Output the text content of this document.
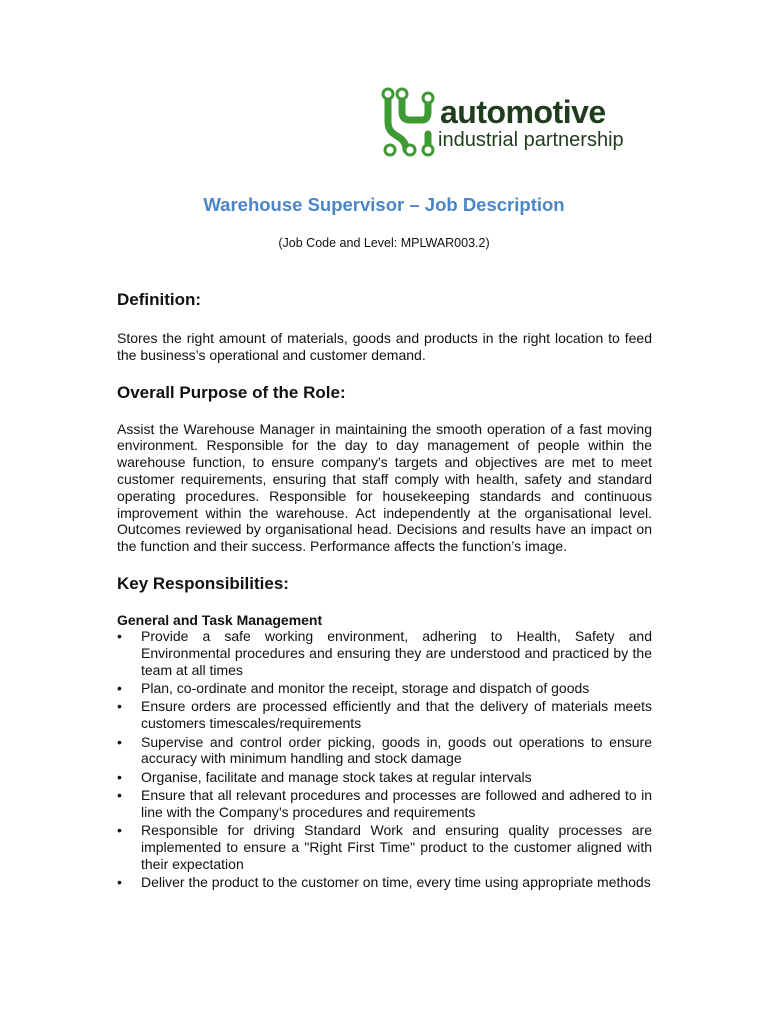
automotive
industrial partnership
Warehouse Supervisor – Job Description
(Job Code and Level: MPLWAR003.2)
Definition:

Stores the right amount of materials, goods and products in the right location to feed the business’s operational and customer demand.

Overall Purpose of the Role:

Assist the Warehouse Manager in maintaining the smooth operation of a fast moving environment. Responsible for the day to day management of people within the warehouse function, to ensure company's targets and objectives are met to meet customer requirements, ensuring that staff comply with health, safety and standard operating procedures. Responsible for housekeeping standards and continuous improvement within the warehouse. Act independently at the organisational level. Outcomes reviewed by organisational head. Decisions and results have an impact on the function and their success. Performance affects the function’s image.

Key Responsibilities:
General and Task Management
• Provide a safe working environment, adhering to Health, Safety and Environmental procedures and ensuring they are understood and practiced by the team at all times
• Plan, co-ordinate and monitor the receipt, storage and dispatch of goods
• Ensure orders are processed efficiently and that the delivery of materials meets customers timescales/requirements
• Supervise and control order picking, goods in, goods out operations to ensure accuracy with minimum handling and stock damage
• Organise, facilitate and manage stock takes at regular intervals
• Ensure that all relevant procedures and processes are followed and adhered to in line with the Company’s procedures and requirements
• Responsible for driving Standard Work and ensuring quality processes are implemented to ensure a "Right First Time" product to the customer aligned with their expectation
• Deliver the product to the customer on time, every time using appropriate methods
